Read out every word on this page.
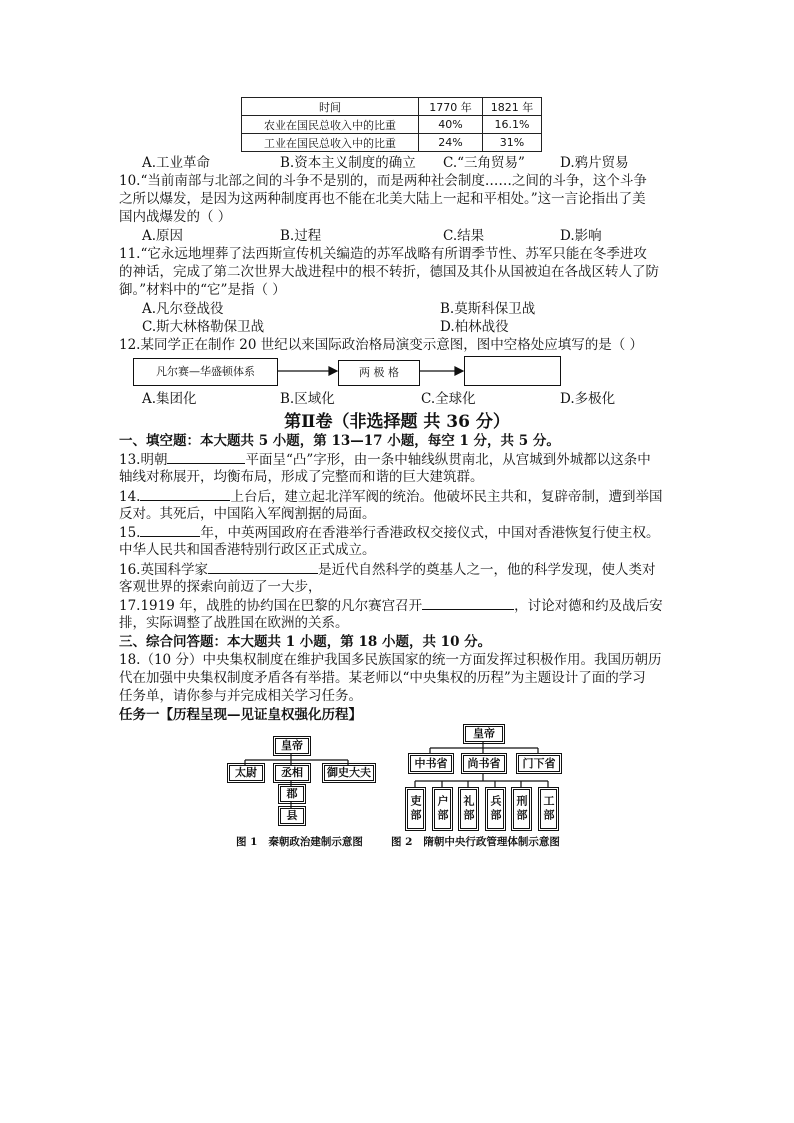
时间	1770 年	1821 年
农业在国民总收入中的比重	40%	16.1%
工业在国民总收入中的比重	24%	31%
A.工业革命	B.资本主义制度的确立 C.“三角贸易”	D.鸦片贸易
10.“当前南部与北部之间的斗争不是别的，而是两种社会制度……之间的斗争，这个斗争
之所以爆发，是因为这两种制度再也不能在北美大陆上一起和平相处。”这一言论指出了美
国内战爆发的（ ）
A.原因	B.过程	C.结果	D.影响
11.“它永远地埋葬了法西斯宣传机关编造的苏军战略有所谓季节性、苏军只能在冬季进攻
的神话，完成了第二次世界大战进程中的根不转折，德国及其仆从国被迫在各战区转人了防
御。”材料中的“它”是指（ ）
A.凡尔登战役	B.莫斯科保卫战
C.斯大林格勒保卫战	D.柏林战役
12.某同学正在制作 20 世纪以来国际政治格局演变示意图，图中空格处应填写的是（ ）
凡尔赛—华盛顿体系	两 极 格
A.集团化	B.区域化	C.全球化	D.多极化
第Ⅱ卷（非选择题 共 36 分）
一、填空题：本大题共 5 小题，第 13—17 小题，每空 1 分，共 5 分。
13.明朝	平面呈“凸”字形，由一条中轴线纵贯南北，从宫城到外城都以这条中
轴线对称展开，均衡布局，形成了完整而和谐的巨大建筑群。
14.	上台后，建立起北洋军阀的统治。他破坏民主共和，复辟帝制，遭到举国
反对。其死后，中国陷入军阀割据的局面。
15.	年，中英两国政府在香港举行香港政权交接仪式，中国对香港恢复行使主权。
中华人民共和国香港特别行政区正式成立。
16.英国科学家	是近代自然科学的奠基人之一，他的科学发现，使人类对
客观世界的探索向前迈了一大步，
17.1919 年，战胜的协约国在巴黎的凡尔赛宫召开	，讨论对德和约及战后安
排，实际调整了战胜国在欧洲的关系。
三、综合问答题：本大题共 1 小题，第 18 小题，共 10 分。
18.（10 分）中央集权制度在维护我国多民族国家的统一方面发挥过积极作用。我国历朝历
代在加强中央集权制度矛盾各有举措。某老师以“中央集权的历程”为主题设计了面的学习
任务单，请你参与并完成相关学习任务。
任务一【历程呈现—见证皇权强化历程】
皇帝
太尉	丞相	御史大夫
郡
县
皇帝
中书省	尚书省	门下省
吏部 户部 礼部 兵部 刑部 工部
图 1   秦朝政治建制示意图	图 2   隋朝中央行政管理体制示意图
